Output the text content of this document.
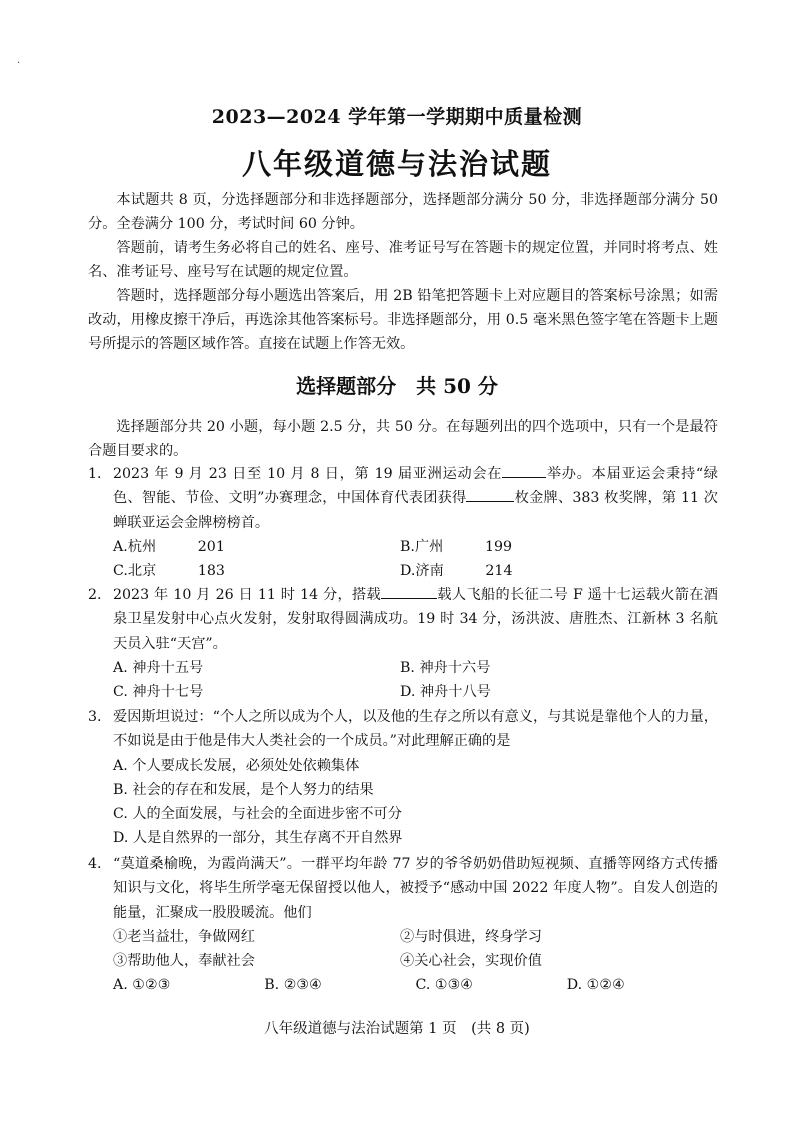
·
2023—2024 学年第一学期期中质量检测
八年级道德与法治试题

本试题共 8 页，分选择题部分和非选择题部分，选择题部分满分 50 分，非选择题部分满分 50 分。全卷满分 100 分，考试时间 60 分钟。

答题前，请考生务必将自己的姓名、座号、准考证号写在答题卡的规定位置，并同时将考点、姓名、准考证号、座号写在试题的规定位置。

答题时，选择题部分每小题选出答案后，用 2B 铅笔把答题卡上对应题目的答案标号涂黑；如需改动，用橡皮擦干净后，再选涂其他答案标号。非选择题部分，用 0.5 毫米黑色签字笔在答题卡上题号所提示的答题区域作答。直接在试题上作答无效。

选择题部分　共 50 分

选择题部分共 20 小题，每小题 2.5 分，共 50 分。在每题列出的四个选项中，只有一个是最符合题目要求的。

1. 2023 年 9 月 23 日至 10 月 8 日，第 19 届亚洲运动会在	举办。本届亚运会秉持“绿色、智能、节俭、文明”办赛理念，中国体育代表团获得	枚金牌、383 枚奖牌，第 11 次蝉联亚运会金牌榜榜首。
A.杭州	201	B.广州	199
C.北京	183	D.济南	214
2. 2023 年 10 月 26 日 11 时 14 分，搭载	载人飞船的长征二号 F 遥十七运载火箭在酒泉卫星发射中心点火发射，发射取得圆满成功。19 时 34 分，汤洪波、唐胜杰、江新林 3 名航天员入驻“天宫”。
A. 神舟十五号	B. 神舟十六号
C. 神舟十七号	D. 神舟十八号
3. 爱因斯坦说过：“个人之所以成为个人，以及他的生存之所以有意义，与其说是靠他个人的力量，不如说是由于他是伟大人类社会的一个成员。”对此理解正确的是
A. 个人要成长发展，必须处处依赖集体
B. 社会的存在和发展，是个人努力的结果
C. 人的全面发展，与社会的全面进步密不可分
D. 人是自然界的一部分，其生存离不开自然界
4. “莫道桑榆晚，为霞尚满天”。一群平均年龄 77 岁的爷爷奶奶借助短视频、直播等网络方式传播知识与文化，将毕生所学毫无保留授以他人，被授予“感动中国 2022 年度人物”。自发人创造的能量，汇聚成一股股暖流。他们
①老当益壮，争做网红	②与时俱进，终身学习
③帮助他人，奉献社会	④关心社会，实现价值
A. ①②③	B. ②③④	C. ①③④	D. ①②④
八年级道德与法治试题第 1 页　(共 8 页)
